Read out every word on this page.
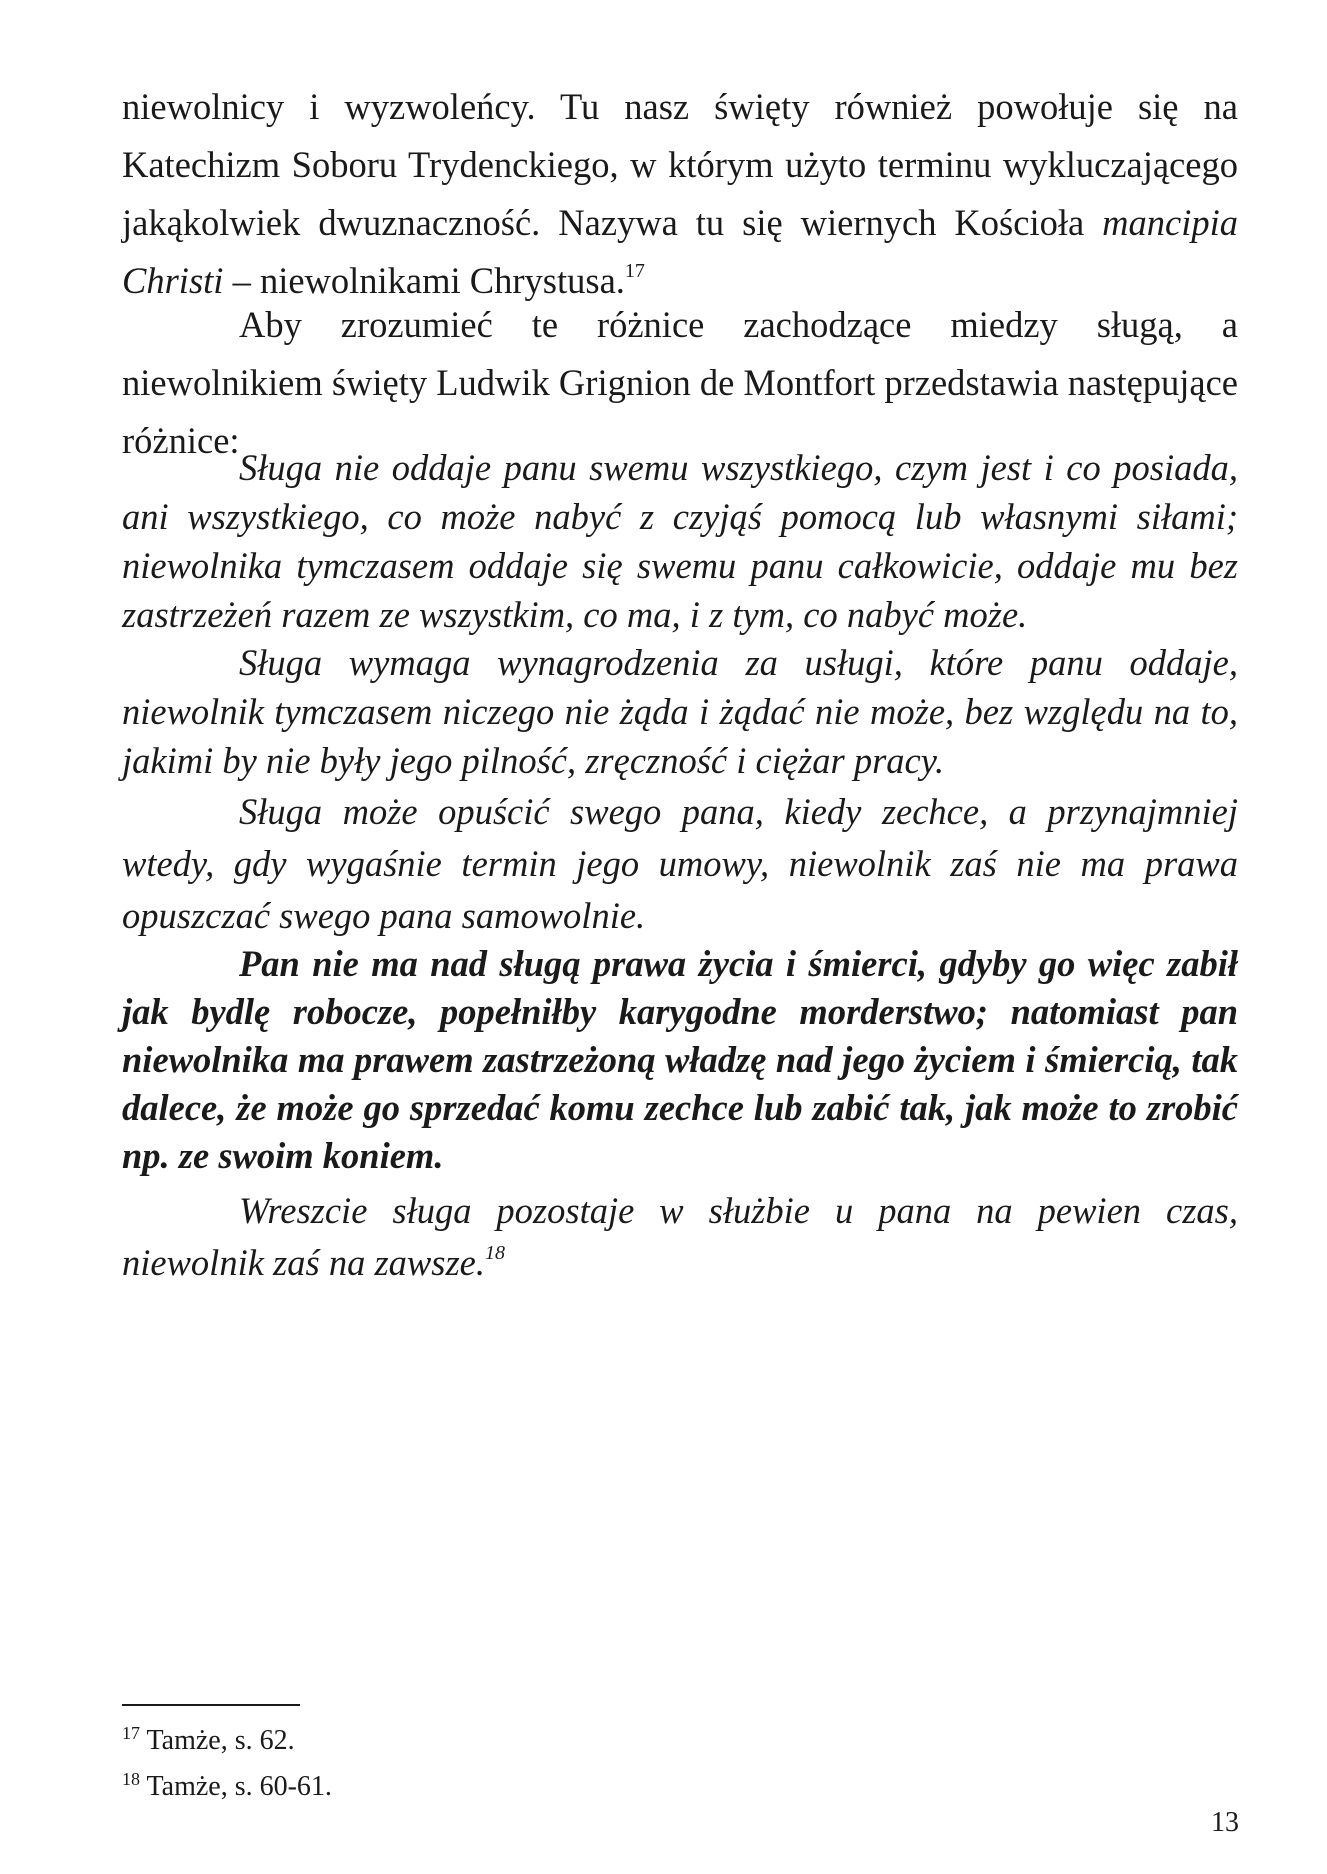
niewolnicy i wyzwoleńcy. Tu nasz święty również powołuje się na Katechizm Soboru Trydenckiego, w którym użyto terminu wykluczającego jakąkolwiek dwuznaczność. Nazywa tu się wiernych Kościoła mancipia Christi – niewolnikami Chrystusa.$^{17}$

Aby zrozumieć te różnice zachodzące miedzy sługą, a niewolnikiem święty Ludwik Grignion de Montfort przedstawia następujące różnice:

Sługa nie oddaje panu swemu wszystkiego, czym jest i co posiada, ani wszystkiego, co może nabyć z czyjąś pomocą lub własnymi siłami; niewolnika tymczasem oddaje się swemu panu całkowicie, oddaje mu bez zastrzeżeń razem ze wszystkim, co ma, i z tym, co nabyć może.

Sługa wymaga wynagrodzenia za usługi, które panu oddaje, niewolnik tymczasem niczego nie żąda i żądać nie może, bez względu na to, jakimi by nie były jego pilność, zręczność i ciężar pracy.

Sługa może opuścić swego pana, kiedy zechce, a przynajmniej wtedy, gdy wygaśnie termin jego umowy, niewolnik zaś nie ma prawa opuszczać swego pana samowolnie.

Pan nie ma nad sługą prawa życia i śmierci, gdyby go więc zabił jak bydlę robocze, popełniłby karygodne morderstwo; natomiast pan niewolnika ma prawem zastrzeżoną władzę nad jego życiem i śmiercią, tak dalece, że może go sprzedać komu zechce lub zabić tak, jak może to zrobić np. ze swoim koniem.

Wreszcie sługa pozostaje w służbie u pana na pewien czas, niewolnik zaś na zawsze.$^{18}$

$^{17}$ Tamże, s. 62.

$^{18}$ Tamże, s. 60-61.

13
